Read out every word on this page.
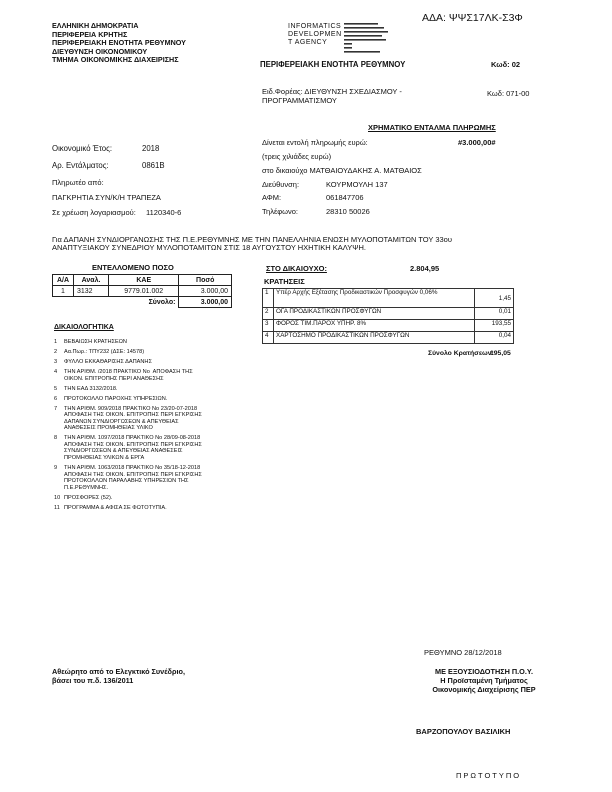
ΑΔΑ: ΨΨΣ17ΛΚ-Σ3Φ
ΕΛΛΗΝΙΚΗ ΔΗΜΟΚΡΑΤΙΑ
ΠΕΡΙΦΕΡΕΙΑ ΚΡΗΤΗΣ
ΠΕΡΙΦΕΡΕΙΑΚΗ ΕΝΟΤΗΤΑ ΡΕΘΥΜΝΟΥ
ΔΙΕΥΘΥΝΣΗ ΟΙΚΟΝΟΜΙΚΟΥ
ΤΜΗΜΑ ΟΙΚΟΝΟΜΙΚΗΣ ΔΙΑΧΕΙΡΙΣΗΣ
INFORMATICS
DEVELOPMEN
T AGENCY
ΠΕΡΙΦΕΡΕΙΑΚΗ ΕΝΟΤΗΤΑ ΡΕΘΥΜΝΟΥ	Κωδ: 02
Ειδ.Φορέας: ΔΙΕΥΘΥΝΣΗ ΣΧΕΔΙΑΣΜΟΥ -
ΠΡΟΓΡΑΜΜΑΤΙΣΜΟΥ
Κωδ: 071-00
ΧΡΗΜΑΤΙΚΟ ΕΝΤΑΛΜΑ ΠΛΗΡΩΜΗΣ
Δίνεται εντολή πληρωμής ευρώ:	#3.000,00#
(τρεις χιλιάδες ευρώ)
στο δικαιούχο ΜΑΤΘΑΙΟΥΔΑΚΗΣ Α. ΜΑΤΘΑΙΟΣ
Διεύθυνση:	ΚΟΥΡΜΟΥΛΗ 137
ΑΦΜ:	061847706
Τηλέφωνο:	28310 50026
Οικονομικό Έτος:	2018
Αρ. Εντάλματος:	0861Β
Πληρωτέο από:
ΠΑΓΚΡΗΤΙΑ ΣΥΝ/Κ/Η ΤΡΑΠΕΖΑ
Σε χρέωση λογαριασμού: 1120340-6
Για ΔΑΠΑΝΗ ΣΥΝΔΙΟΡΓΑΝΩΣΗΣ ΤΗΣ Π.Ε.ΡΕΘΥΜΝΗΣ ΜΕ ΤΗΝ ΠΑΝΕΛΛΗΝΙΑ ΕΝΩΣΗ ΜΥΛΟΠΟΤΑΜΙΤΩΝ ΤΟΥ 33ου
ΑΝΑΠΤΥΞΙΑΚΟΥ ΣΥΝΕΔΡΙΟΥ ΜΥΛΟΠΟΤΑΜΙΤΩΝ ΣΤΙΣ 18 ΑΥΓΟΥΣΤΟΥ ΗΧΗΤΙΚΗ ΚΑΛΥΨΗ.
ΕΝΤΕΛΛΟΜΕΝΟ ΠΟΣΟ
Α/Α	Αναλ.	ΚΑΕ	Ποσό
1	3132	9779.01.002	3.000,00
Σύνολο:			3.000,00
ΣΤΟ ΔΙΚΑΙΟΥΧΟ:	2.804,95
ΚΡΑΤΗΣΕΙΣ
1	Υπέρ Αρχής Εξέτασης Προδικαστικών Προσφυγών 0,06%	1,45
2	ΟΓΑ ΠΡΟΔΙΚΑΣΤΙΚΩΝ ΠΡΟΣΦΥΓΩΝ	0,01
3	ΦΟΡΟΣ ΤΙΜ.ΠΑΡΟΧ ΥΠΗΡ. 8%	193,55
4	ΧΑΡΤΟΣΗΜΟ ΠΡΟΔΙΚΑΣΤΙΚΩΝ ΠΡΟΣΦΥΓΩΝ	0,04
Σύνολο Κρατήσεων:
195,05
ΔΙΚΑΙΟΛΟΓΗΤΙΚΑ
1	ΒΕΒΑΙΩΣΗ ΚΡΑΤΗΣΕΩΝ
2	Αα.Πωρ.: ΤΠΥ232 (ΔΣΕ: 14578)
3	ΦΥΛΛΟ ΕΚΚΑΘΑΡΙΣΗΣ ΔΑΠΑΝΗΣ
4	ΤΗΝ ΑΡΙΘΜ. /2018 ΠΡΑΚΤΙΚΟ Νο  ΑΠΟΦΑΣΗ ΤΗΣ
ΟΙΚΟΝ. ΕΠΙΤΡΟΠΗΣ ΠΕΡΙ ΑΝΑΘΕΣΗΣ
5	ΤΗΝ ΕΑΔ 3132/2018.
6	ΠΡΩΤΟΚΟΛΛΟ ΠΑΡΟΧΗΣ ΥΠΗΡΕΣΙΩΝ.
7	ΤΗΝ ΑΡΙΘΜ. 909/2018 ΠΡΑΚΤΙΚΟ Νο 23/20-07-2018
ΑΠΟΦΑΣΗ ΤΗΣ ΟΙΚΟΝ. ΕΠΙΤΡΟΠΗΣ ΠΕΡΙ ΕΓΚΡΙΣΗΣ
ΔΑΠΑΝΩΝ ΣΥΝΔΙΟΡΓΩΣΕΩΝ & ΑΠΕΥΘΕΙΑΣ
ΑΝΑΘΕΣΕΙΣ ΠΡΟΜΗΘΕΙΑΣ ΥΛΙΚΟ
8	ΤΗΝ ΑΡΙΘΜ. 1097/2018 ΠΡΑΚΤΙΚΟ Νο 28/09-08-2018
ΑΠΟΦΑΣΗ ΤΗΣ ΟΙΚΟΝ. ΕΠΙΤΡΟΠΗΣ ΠΕΡΙ ΕΓΚΡΙΣΗΣ
ΣΥΝΔΙΟΡΓΩΣΕΩΝ & ΑΠΕΥΘΕΙΑΣ ΑΝΑΘΕΣΕΙΣ
ΠΡΟΜΗΘΕΙΑΣ ΥΛΙΚΩΝ & ΕΡΓΑ
9	ΤΗΝ ΑΡΙΘΜ. 1063/2018 ΠΡΑΚΤΙΚΟ Νο 35/18-12-2018
ΑΠΟΦΑΣΗ ΤΗΣ ΟΙΚΟΝ. ΕΠΙΤΡΟΠΗΣ ΠΕΡΙ ΕΓΚΡΙΣΗΣ
ΠΡΩΤΟΚΟΛΛΩΝ ΠΑΡΑΛΑΒΗΣ ΥΠΗΡΕΣΙΩΝ ΤΗΣ
Π.Ε.ΡΕΘΥΜΝΗΣ.
10 ΠΡΟΣΦΟΡΕΣ (52).
11 ΠΡΟΓΡΑΜΜΑ & ΑΦΙΣΑ ΣΕ ΦΩΤΟΤΥΠΙΑ.
ΡΕΘΥΜΝΟ 28/12/2018
Αθεώρητο από το Ελεγκτικό Συνέδριο,
βάσει του π.δ. 136/2011
ΜΕ ΕΞΟΥΣΙΟΔΟΤΗΣΗ Π.Ο.Υ.
Η Προϊσταμένη Τμήματος
Οικονομικής Διαχείρισης ΠΕΡ
ΒΑΡΖΟΠΟΥΛΟΥ ΒΑΣΙΛΙΚΗ
ΠΡΩΤΟΤΥΠΟ
